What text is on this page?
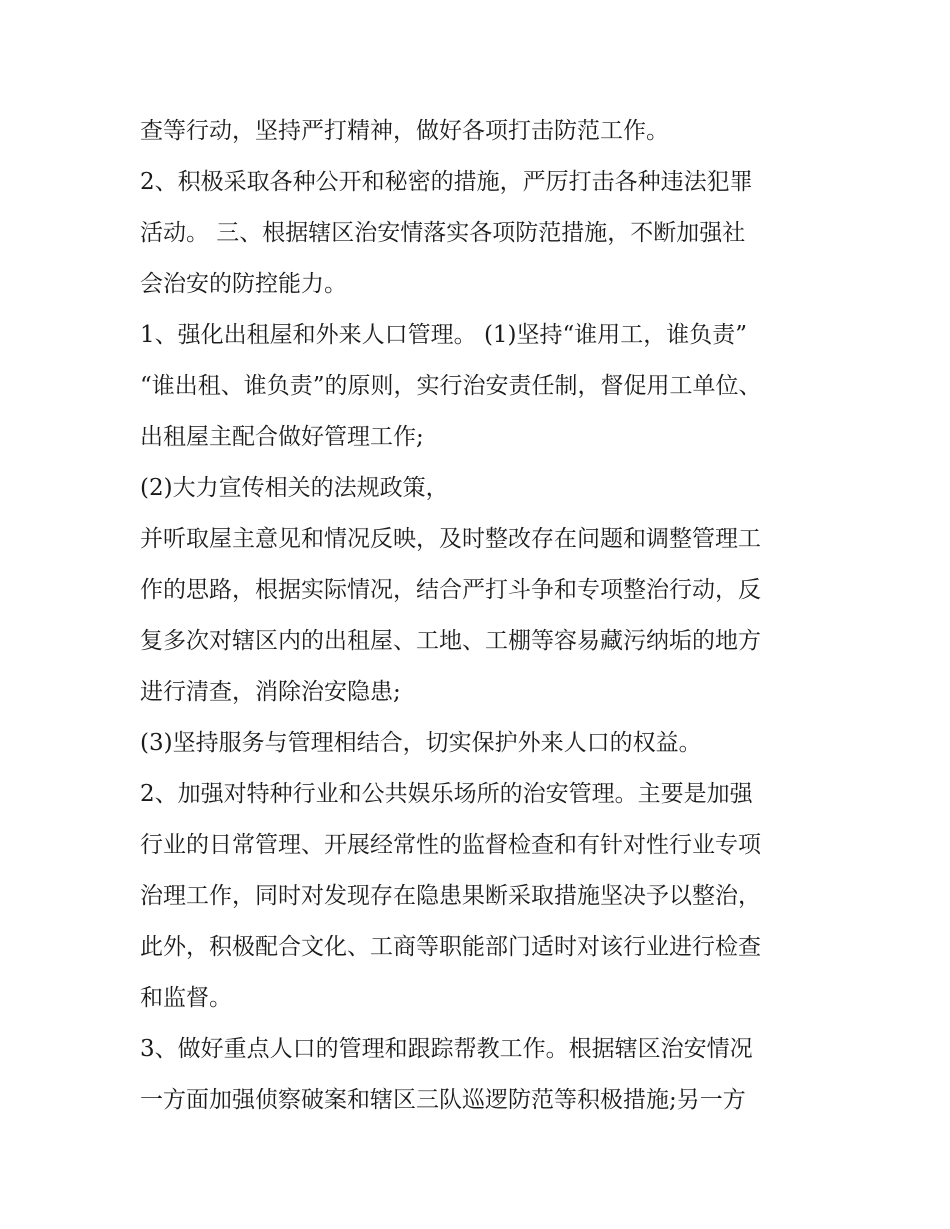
查等行动，坚持严打精神，做好各项打击防范工作。
2、积极采取各种公开和秘密的措施，严厉打击各种违法犯罪
活动。 三、根据辖区治安情落实各项防范措施，不断加强社
会治安的防控能力。
1、强化出租屋和外来人口管理。 (1)坚持“谁用工，谁负责”
“谁出租、谁负责”的原则，实行治安责任制，督促用工单位、
出租屋主配合做好管理工作;
(2)大力宣传相关的法规政策，
并听取屋主意见和情况反映，及时整改存在问题和调整管理工
作的思路，根据实际情况，结合严打斗争和专项整治行动，反
复多次对辖区内的出租屋、工地、工棚等容易藏污纳垢的地方
进行清查，消除治安隐患;
(3)坚持服务与管理相结合，切实保护外来人口的权益。
2、加强对特种行业和公共娱乐场所的治安管理。主要是加强
行业的日常管理、开展经常性的监督检查和有针对性行业专项
治理工作，同时对发现存在隐患果断采取措施坚决予以整治，
此外，积极配合文化、工商等职能部门适时对该行业进行检查
和监督。
3、做好重点人口的管理和跟踪帮教工作。根据辖区治安情况
一方面加强侦察破案和辖区三队巡逻防范等积极措施;另一方
